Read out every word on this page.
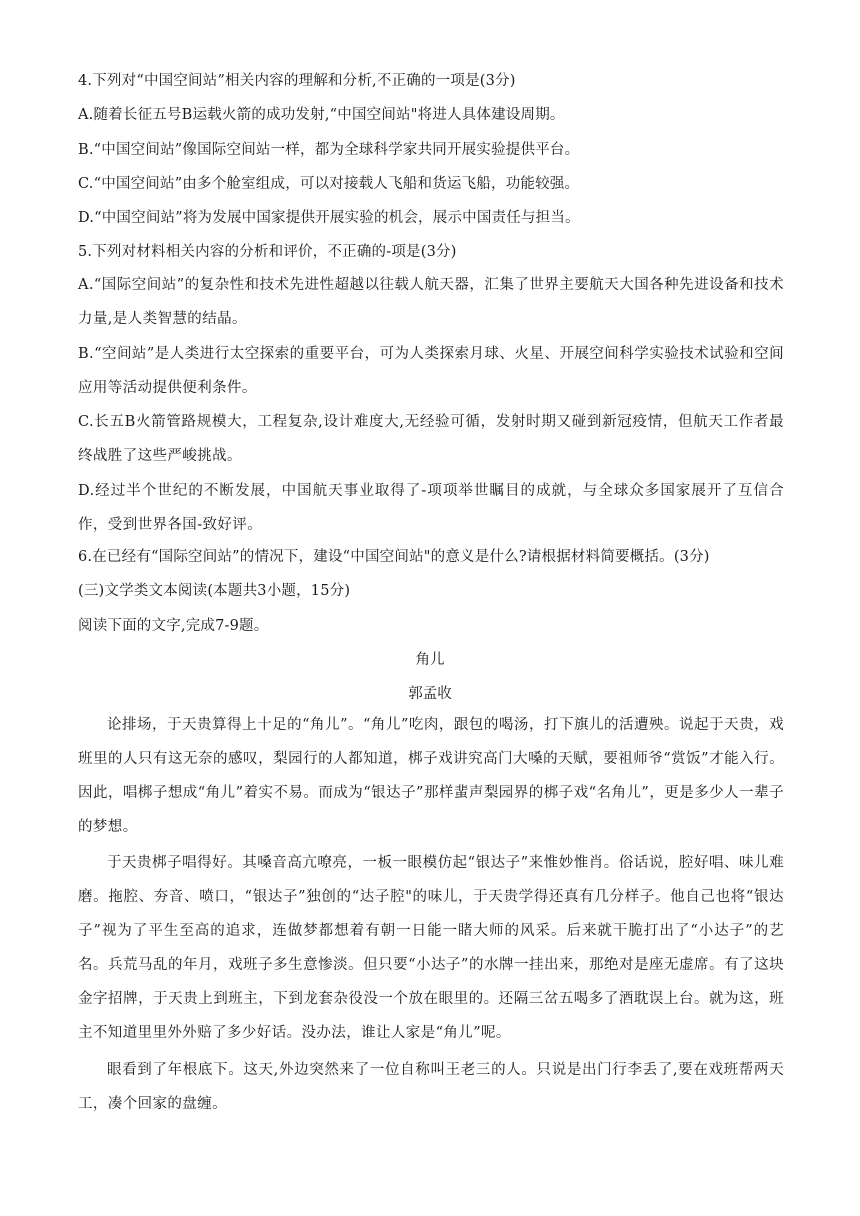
4.下列对“中国空间站”相关内容的理解和分析,不正确的一项是(3分)
A.随着长征五号B运载火箭的成功发射,“中国空间站"将进人具体建设周期。
B.“中国空间站”像国际空间站一样，都为全球科学家共同开展实验提供平台。
C.“中国空间站”由多个舱室组成，可以对接载人飞船和货运飞船，功能较强。
D.“中国空间站”将为发展中国家提供开展实验的机会，展示中国责任与担当。
5.下列对材料相关内容的分析和评价，不正确的-项是(3分)
A.“国际空间站”的复杂性和技术先进性超越以往载人航天器，汇集了世界主要航天大国各种先进设备和技术力量,是人类智慧的结晶。
B.“空间站”是人类进行太空探索的重要平台，可为人类探索月球、火星、开展空间科学实验技术试验和空间应用等活动提供便利条件。
C.长五B火箭管路规模大，工程复杂,设计难度大,无经验可循，发射时期又碰到新冠疫情，但航天工作者最终战胜了这些严峻挑战。
D.经过半个世纪的不断发展，中国航天事业取得了-项项举世瞩目的成就，与全球众多国家展开了互信合作，受到世界各国-致好评。
6.在已经有“国际空间站”的情况下，建设“中国空间站"的意义是什么?请根据材料简要概括。(3分)
(三)文学类文本阅读(本题共3小题，15分)
阅读下面的文字,完成7-9题。
角儿
郭孟收
论排场，于天贵算得上十足的“角儿”。“角儿”吃肉，跟包的喝汤，打下旗儿的活遭殃。说起于天贵，戏班里的人只有这无奈的感叹，梨园行的人都知道，梆子戏讲究高门大嗓的天赋，要祖师爷“赏饭”才能入行。因此，唱梆子想成“角儿”着实不易。而成为“银达子”那样蜚声梨园界的梆子戏“名角儿”，更是多少人一辈子的梦想。
于天贵梆子唱得好。其嗓音高亢嘹亮，一板一眼模仿起“银达子”来惟妙惟肖。俗话说，腔好唱、味儿难磨。拖腔、夯音、喷口，“银达子”独创的“达子腔"的味儿，于天贵学得还真有几分样子。他自己也将“银达子”视为了平生至高的追求，连做梦都想着有朝一日能一睹大师的风采。后来就干脆打出了“小达子”的艺名。兵荒马乱的年月，戏班子多生意惨淡。但只要“小达子”的水牌一挂出来，那绝对是座无虚席。有了这块金字招牌，于天贵上到班主，下到龙套杂役没一个放在眼里的。还隔三岔五喝多了酒耽误上台。就为这，班主不知道里里外外赔了多少好话。没办法，谁让人家是“角儿”呢。
眼看到了年根底下。这天,外边突然来了一位自称叫王老三的人。只说是出门行李丢了,要在戏班帮两天工，凑个回家的盘缠。
